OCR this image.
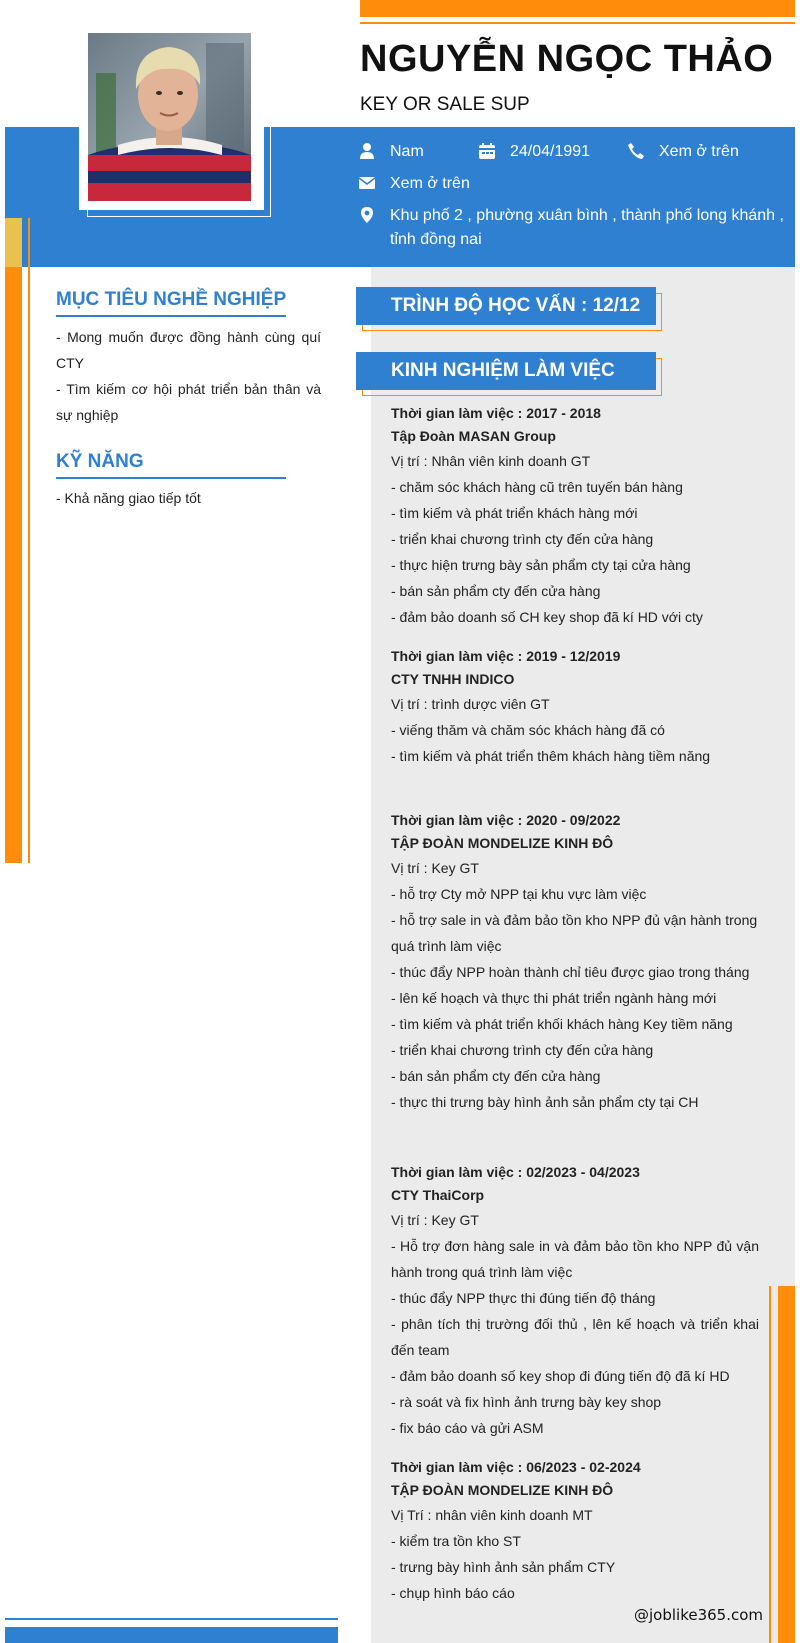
NGUYỄN NGỌC THẢO
KEY OR SALE SUP
Nam	24/04/1991	Xem ở trên
Xem ở trên
Khu phố 2 , phường xuân bình , thành phố long khánh ,
tỉnh đồng nai
MỤC TIÊU NGHỀ NGHIỆP
- Mong muốn được đồng hành cùng quí CTY
- Tìm kiếm cơ hội phát triển bản thân và sự nghiệp
KỸ NĂNG
- Khả năng giao tiếp tốt
TRÌNH ĐỘ HỌC VẤN : 12/12
KINH NGHIỆM LÀM VIỆC
Thời gian làm việc : 2017 - 2018
Tập Đoàn MASAN Group
Vị trí : Nhân viên kinh doanh GT
- chăm sóc khách hàng cũ trên tuyến bán hàng
- tìm kiếm và phát triển khách hàng mới
- triển khai chương trình cty đến cửa hàng
- thực hiện trưng bày sản phẩm cty tại cửa hàng
- bán sản phẩm cty đến cửa hàng
- đảm bảo doanh số CH key shop đã kí HD với cty
Thời gian làm việc : 2019 - 12/2019
CTY TNHH INDICO
Vị trí : trình dược viên GT
- viếng thăm và chăm sóc khách hàng đã có
- tìm kiếm và phát triển thêm khách hàng tiềm năng
Thời gian làm việc : 2020 - 09/2022
TẬP ĐOÀN MONDELIZE KINH ĐÔ
Vị trí : Key GT
- hỗ trợ Cty mở NPP tại khu vực làm việc
- hỗ trợ sale in và đảm bảo tồn kho NPP đủ vận hành trong quá trình làm việc
- thúc đẩy NPP hoàn thành chỉ tiêu được giao trong tháng
- lên kế hoạch và thực thi phát triển ngành hàng mới
- tìm kiếm và phát triển khối khách hàng Key tiềm năng
- triển khai chương trình cty đến cửa hàng
- bán sản phẩm cty đến cửa hàng
- thực thi trưng bày hình ảnh sản phẩm cty tại CH
Thời gian làm việc : 02/2023 - 04/2023
CTY ThaiCorp
Vị trí : Key GT
- Hỗ trợ đơn hàng sale in và đảm bảo tồn kho NPP đủ vận hành trong quá trình làm việc
- thúc đẩy NPP thực thi đúng tiến độ tháng
- phân tích thị trường đối thủ , lên kế hoạch và triển khai đến team
- đảm bảo doanh số key shop đi đúng tiến độ đã kí HD
- rà soát và fix hình ảnh trưng bày key shop
- fix báo cáo và gửi ASM
Thời gian làm việc : 06/2023 - 02-2024
TẬP ĐOÀN MONDELIZE KINH ĐÔ
Vị Trí : nhân viên kinh doanh MT
- kiểm tra tồn kho ST
- trưng bày hình ảnh sản phẩm CTY
- chụp hình báo cáo
@joblike365.com
